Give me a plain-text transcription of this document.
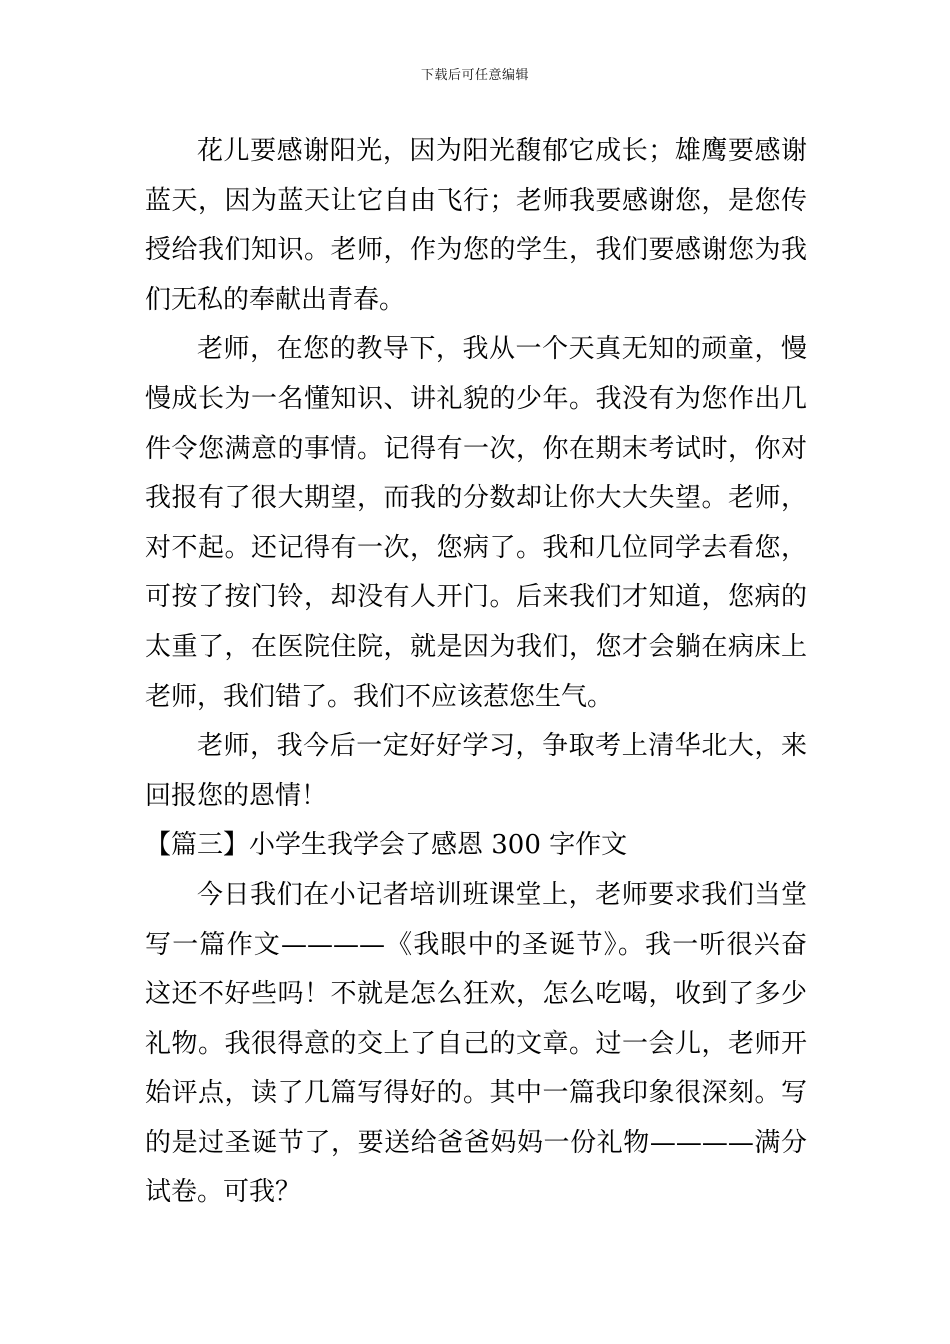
下载后可任意编辑

花儿要感谢阳光，因为阳光馥郁它成长；雄鹰要感谢蓝天，因为蓝天让它自由飞行；老师我要感谢您，是您传授给我们知识。老师，作为您的学生，我们要感谢您为我们无私的奉献出青春。

老师，在您的教导下，我从一个天真无知的顽童，慢慢成长为一名懂知识、讲礼貌的少年。我没有为您作出几件令您满意的事情。记得有一次，你在期末考试时，你对我报有了很大期望，而我的分数却让你大大失望。老师，对不起。还记得有一次，您病了。我和几位同学去看您，可按了按门铃，却没有人开门。后来我们才知道，您病的太重了，在医院住院，就是因为我们，您才会躺在病床上老师，我们错了。我们不应该惹您生气。

老师，我今后一定好好学习，争取考上清华北大，来回报您的恩情！

【篇三】小学生我学会了感恩 300 字作文

今日我们在小记者培训班课堂上，老师要求我们当堂写一篇作文————《我眼中的圣诞节》。我一听很兴奋这还不好些吗！不就是怎么狂欢，怎么吃喝，收到了多少礼物。我很得意的交上了自己的文章。过一会儿，老师开始评点，读了几篇写得好的。其中一篇我印象很深刻。写的是过圣诞节了，要送给爸爸妈妈一份礼物————满分试卷。可我？
